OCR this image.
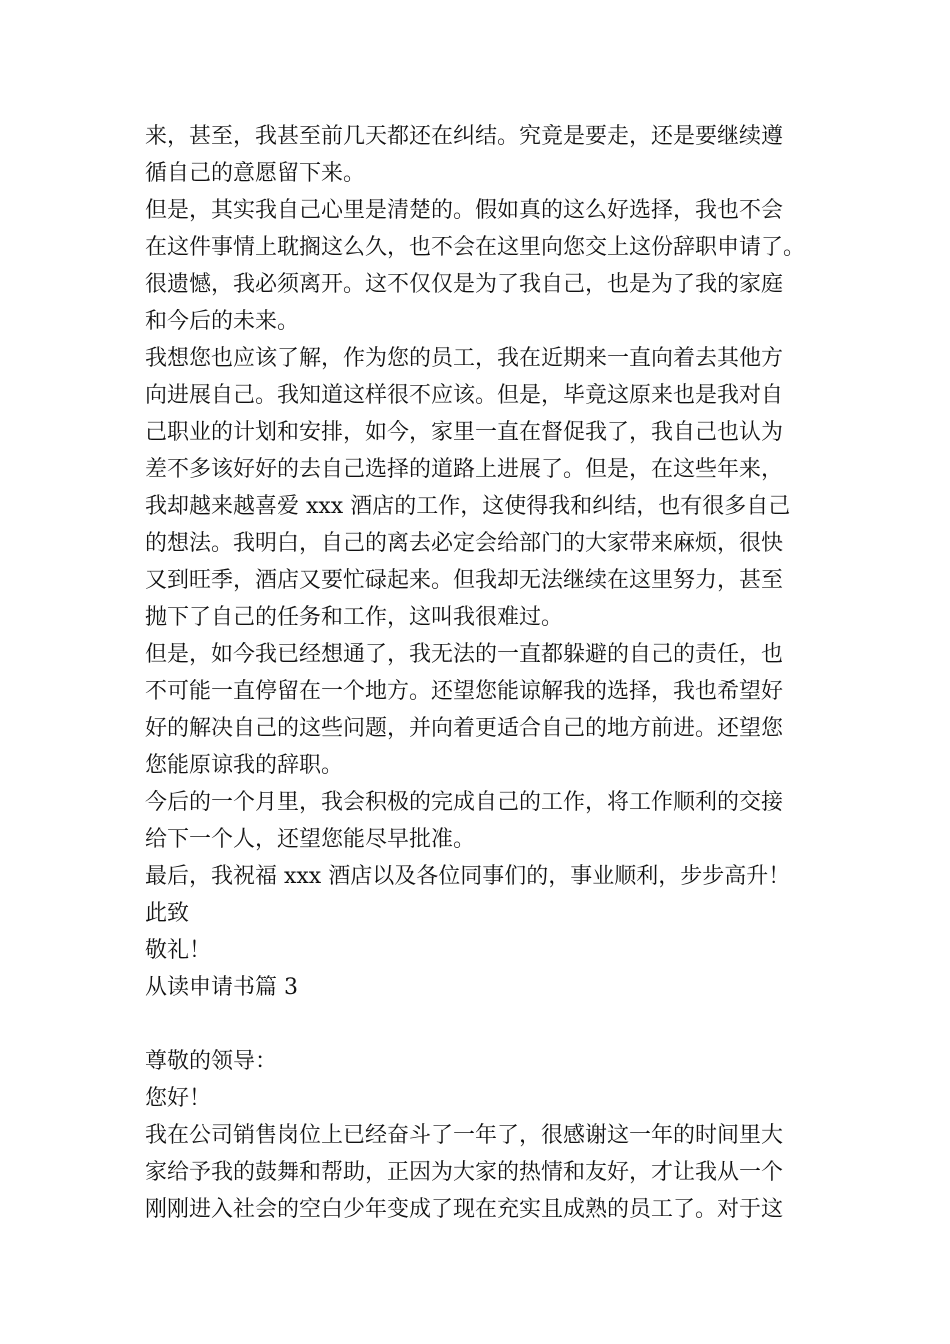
来，甚至，我甚至前几天都还在纠结。究竟是要走，还是要继续遵
循自己的意愿留下来。
但是，其实我自己心里是清楚的。假如真的这么好选择，我也不会
在这件事情上耽搁这么久，也不会在这里向您交上这份辞职申请了。
很遗憾，我必须离开。这不仅仅是为了我自己，也是为了我的家庭
和今后的未来。
我想您也应该了解，作为您的员工，我在近期来一直向着去其他方
向进展自己。我知道这样很不应该。但是，毕竟这原来也是我对自
己职业的计划和安排，如今，家里一直在督促我了，我自己也认为
差不多该好好的去自己选择的道路上进展了。但是，在这些年来，
我却越来越喜爱 xxx 酒店的工作，这使得我和纠结，也有很多自己
的想法。我明白，自己的离去必定会给部门的大家带来麻烦，很快
又到旺季，酒店又要忙碌起来。但我却无法继续在这里努力，甚至
抛下了自己的任务和工作，这叫我很难过。
但是，如今我已经想通了，我无法的一直都躲避的自己的责任，也
不可能一直停留在一个地方。还望您能谅解我的选择，我也希望好
好的解决自己的这些问题，并向着更适合自己的地方前进。还望您
您能原谅我的辞职。
今后的一个月里，我会积极的完成自己的工作，将工作顺利的交接
给下一个人，还望您能尽早批准。
最后，我祝福 xxx 酒店以及各位同事们的，事业顺利，步步高升！
此致
敬礼！
从读申请书篇 3
尊敬的领导：
您好！
我在公司销售岗位上已经奋斗了一年了，很感谢这一年的时间里大
家给予我的鼓舞和帮助，正因为大家的热情和友好，才让我从一个
刚刚进入社会的空白少年变成了现在充实且成熟的员工了。对于这
